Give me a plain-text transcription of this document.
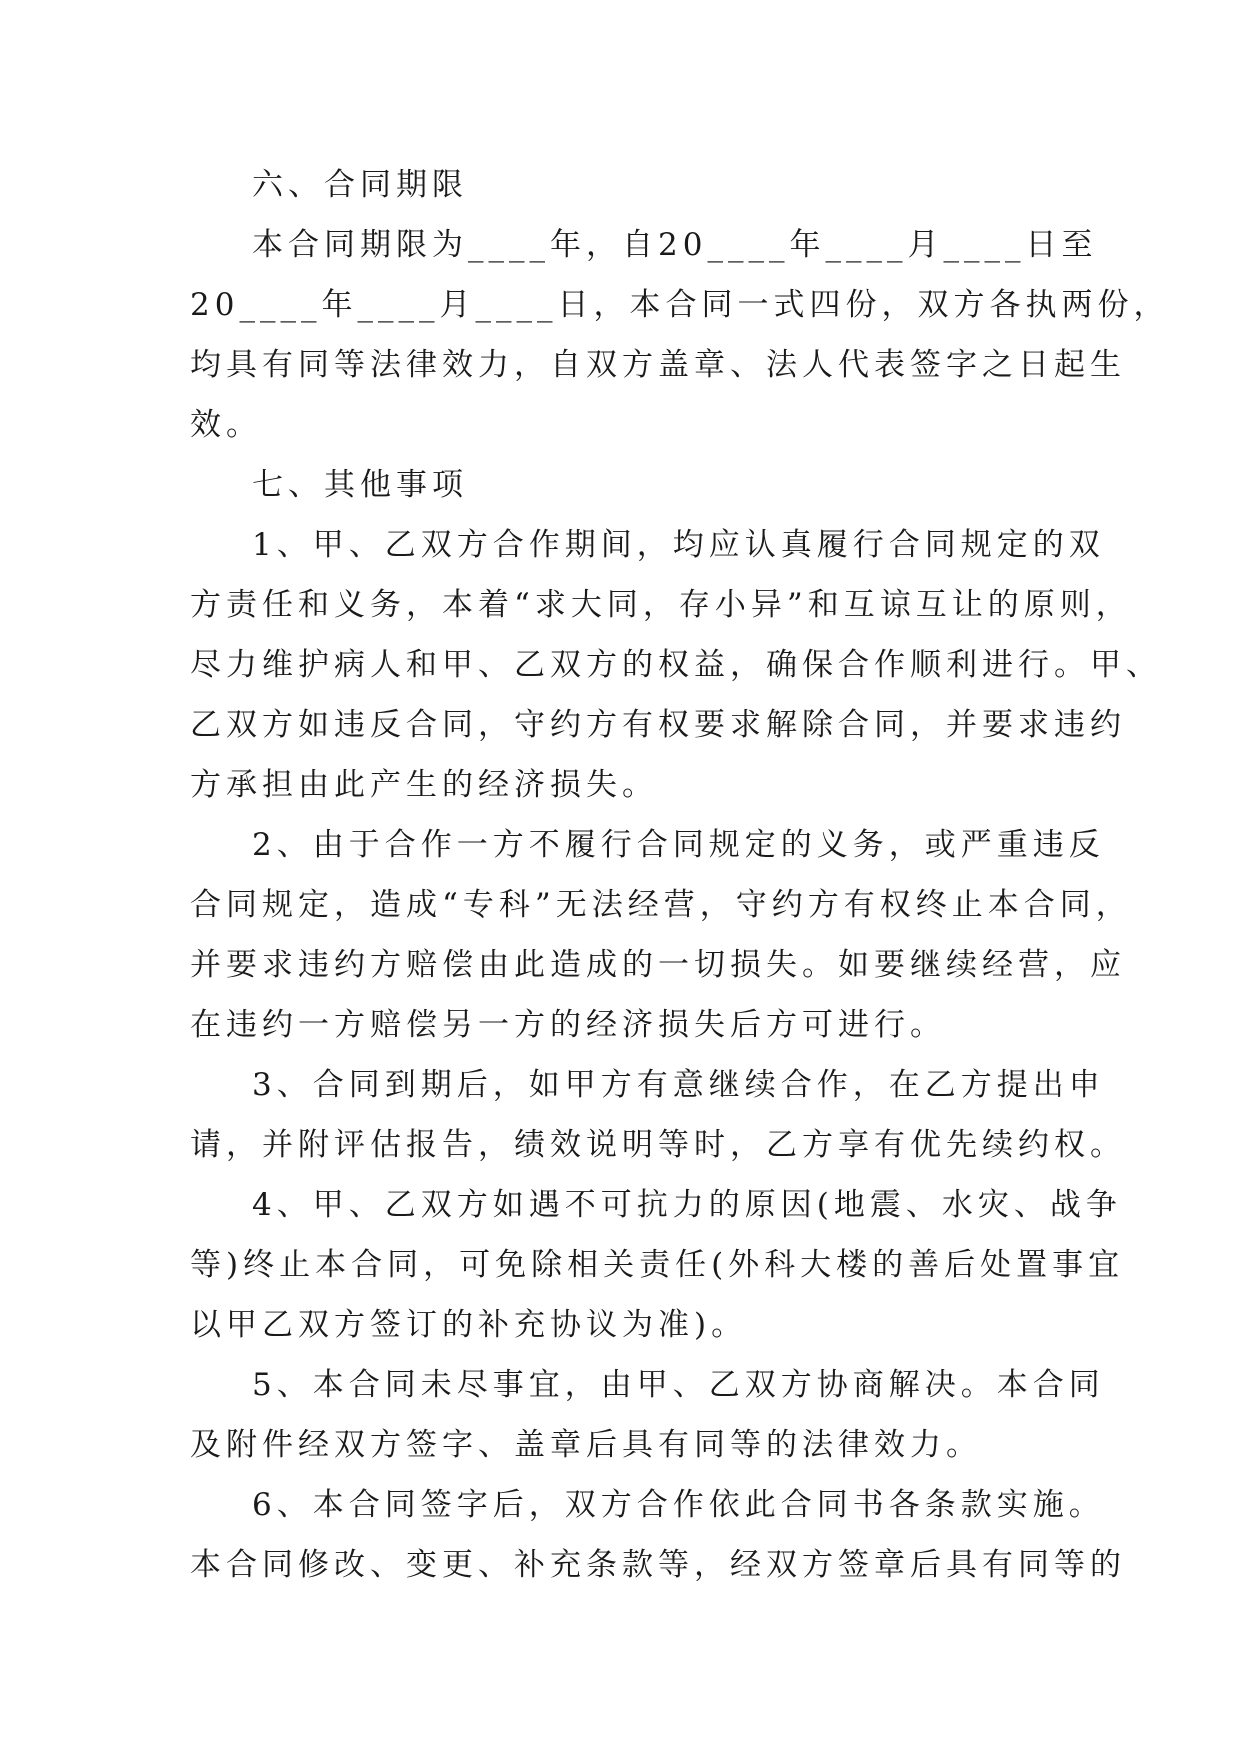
六、合同期限
本合同期限为____年，自20____年____月____日至
20____年____月____日，本合同一式四份，双方各执两份，
均具有同等法律效力，自双方盖章、法人代表签字之日起生
效。
七、其他事项
1、甲、乙双方合作期间，均应认真履行合同规定的双
方责任和义务，本着“求大同，存小异”和互谅互让的原则，
尽力维护病人和甲、乙双方的权益，确保合作顺利进行。甲、
乙双方如违反合同，守约方有权要求解除合同，并要求违约
方承担由此产生的经济损失。
2、由于合作一方不履行合同规定的义务，或严重违反
合同规定，造成“专科”无法经营，守约方有权终止本合同，
并要求违约方赔偿由此造成的一切损失。如要继续经营，应
在违约一方赔偿另一方的经济损失后方可进行。
3、合同到期后，如甲方有意继续合作，在乙方提出申
请，并附评估报告，绩效说明等时，乙方享有优先续约权。
4、甲、乙双方如遇不可抗力的原因(地震、水灾、战争
等)终止本合同，可免除相关责任(外科大楼的善后处置事宜
以甲乙双方签订的补充协议为准)。
5、本合同未尽事宜，由甲、乙双方协商解决。本合同
及附件经双方签字、盖章后具有同等的法律效力。
6、本合同签字后，双方合作依此合同书各条款实施。
本合同修改、变更、补充条款等，经双方签章后具有同等的
